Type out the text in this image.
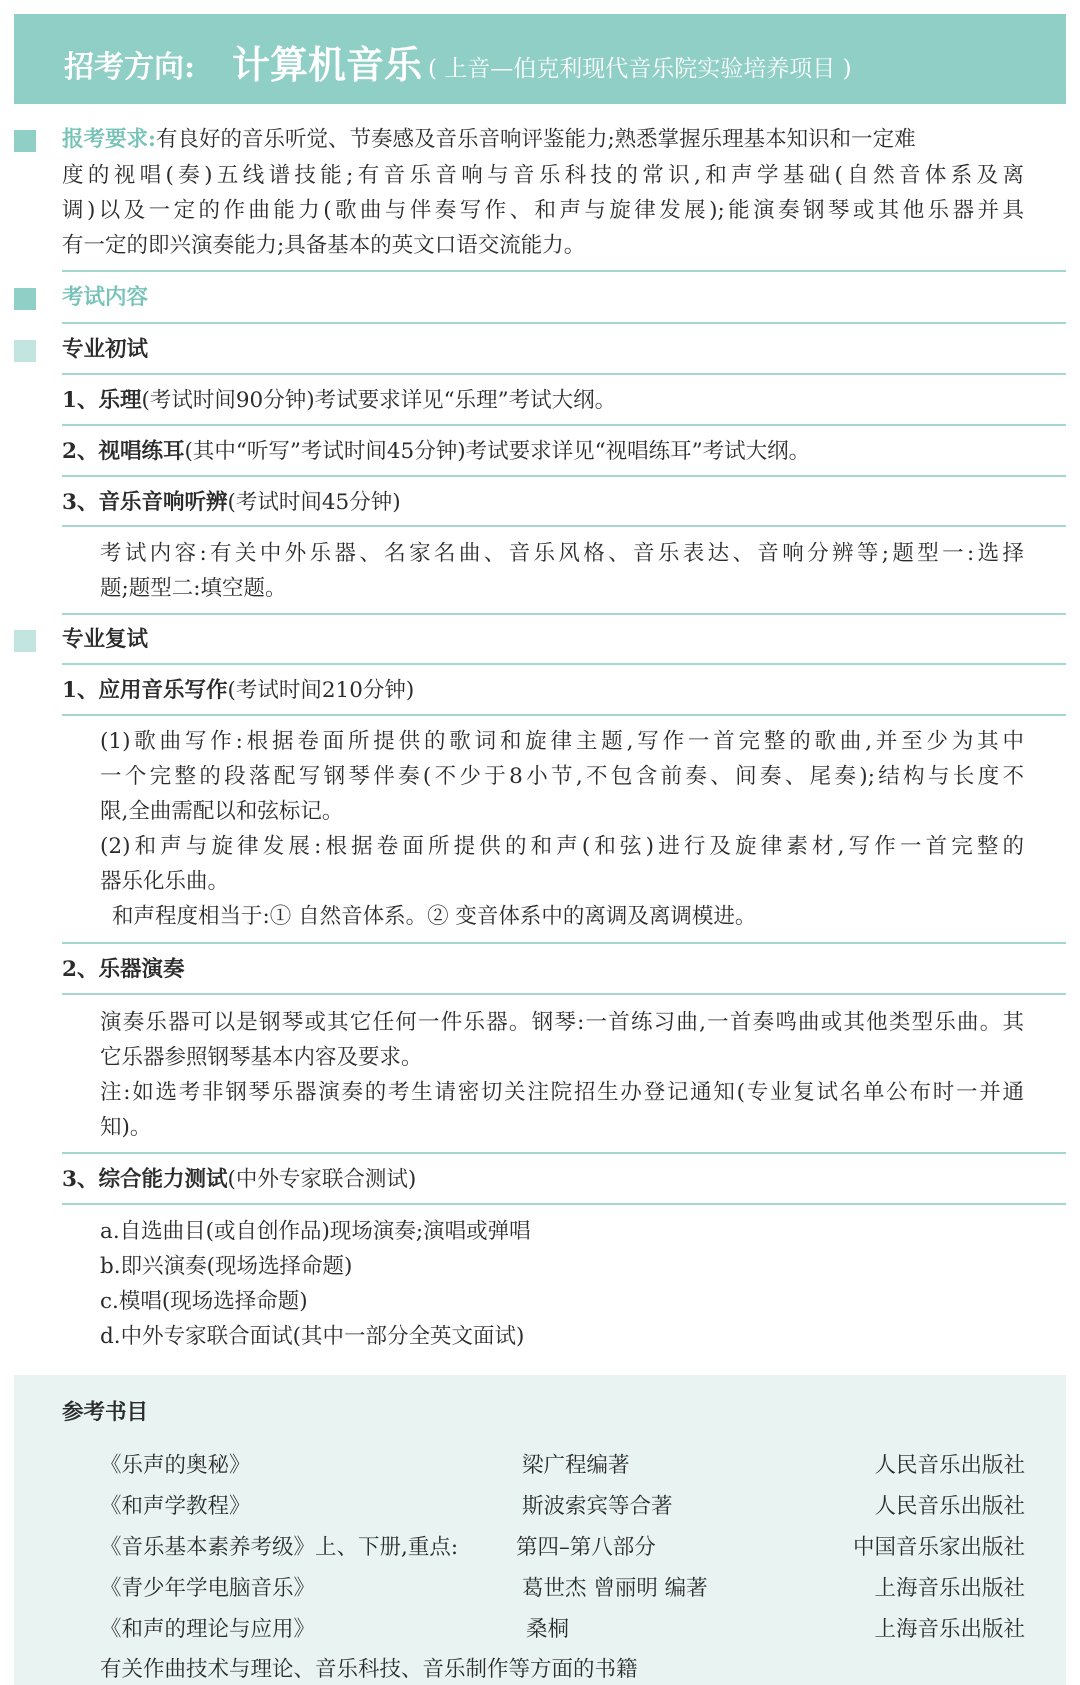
招考方向: 计算机音乐 ( 上音—伯克利现代音乐院实验培养项目 )
报考要求:有良好的音乐听觉、节奏感及音乐音响评鉴能力;熟悉掌握乐理基本知识和一定难
度的视唱(奏)五线谱技能;有音乐音响与音乐科技的常识,和声学基础(自然音体系及离
调)以及一定的作曲能力(歌曲与伴奏写作、和声与旋律发展);能演奏钢琴或其他乐器并具
有一定的即兴演奏能力;具备基本的英文口语交流能力。
考试内容
专业初试
1、乐理(考试时间90分钟)考试要求详见“乐理”考试大纲。
2、视唱练耳(其中“听写”考试时间45分钟)考试要求详见“视唱练耳”考试大纲。
3、音乐音响听辨(考试时间45分钟)
考试内容:有关中外乐器、名家名曲、音乐风格、音乐表达、音响分辨等;题型一:选择
题;题型二:填空题。
专业复试
1、应用音乐写作(考试时间210分钟)
(1)歌曲写作:根据卷面所提供的歌词和旋律主题,写作一首完整的歌曲,并至少为其中
一个完整的段落配写钢琴伴奏(不少于8小节,不包含前奏、间奏、尾奏);结构与长度不
限,全曲需配以和弦标记。
(2)和声与旋律发展:根据卷面所提供的和声(和弦)进行及旋律素材,写作一首完整的
器乐化乐曲。
和声程度相当于:① 自然音体系。② 变音体系中的离调及离调模进。
2、乐器演奏
演奏乐器可以是钢琴或其它任何一件乐器。钢琴:一首练习曲,一首奏鸣曲或其他类型乐曲。其
它乐器参照钢琴基本内容及要求。
注:如选考非钢琴乐器演奏的考生请密切关注院招生办登记通知(专业复试名单公布时一并通
知)。
3、综合能力测试(中外专家联合测试)
a.自选曲目(或自创作品)现场演奏;演唱或弹唱
b.即兴演奏(现场选择命题)
c.模唱(现场选择命题)
d.中外专家联合面试(其中一部分全英文面试)
参考书目
《乐声的奥秘》	梁广程编著	人民音乐出版社
《和声学教程》	斯波索宾等合著	人民音乐出版社
《音乐基本素养考级》上、下册,重点:	第四–第八部分	中国音乐家出版社
《青少年学电脑音乐》	葛世杰 曾丽明 编著	上海音乐出版社
《和声的理论与应用》	桑桐	上海音乐出版社
有关作曲技术与理论、音乐科技、音乐制作等方面的书籍
